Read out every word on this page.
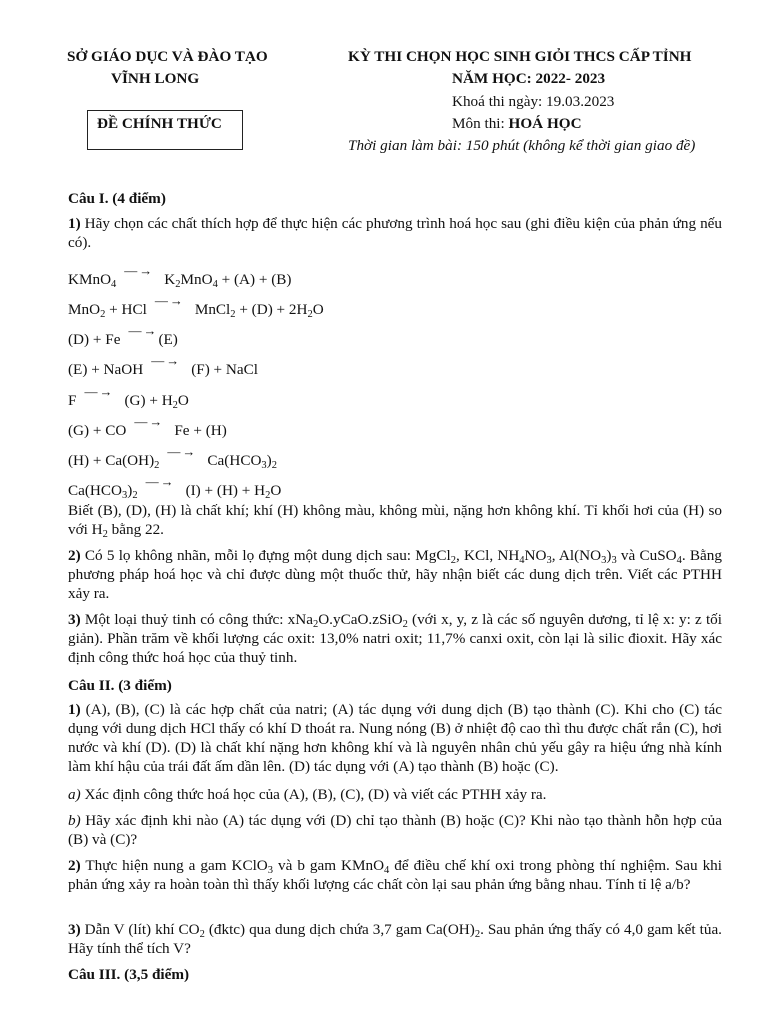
SỞ GIÁO DỤC VÀ ĐÀO TẠO
VĨNH LONG
ĐỀ CHÍNH THỨC
KỲ THI CHỌN HỌC SINH GIỎI THCS CẤP TỈNH
NĂM HỌC: 2022- 2023
Khoá thi ngày: 19.03.2023
Môn thi: HOÁ HỌC
Thời gian làm bài: 150 phút (không kể thời gian giao đề)
Câu I. (4 điểm)
1) Hãy chọn các chất thích hợp để thực hiện các phương trình hoá học sau (ghi điều kiện của phản ứng nếu có).
KMnO$_4$ —→	$K_2MnO_4 + (A) + (B)$
MnO$_2$ + HCl —→	MnCl$_2$ + $(D) + 2H_2O$
(D) + Fe —→	(E)
(E) + NaOH —→	(F) + NaCl
F —→	$(G) + H_2O$
(G) + CO —→	Fe + (H)
$(H) + Ca(OH)_2$ —→	$Ca(HCO_3)_2$
$Ca(HCO_3)_2$ —→	$(I) + (H) + H_2O$
Biết (B), (D), (H) là chất khí; khí (H) không màu, không mùi, nặng hơn không khí. Tỉ khối hơi của (H) so với $H_2$ bằng 22.
2) Có 5 lọ không nhãn, mỗi lọ đựng một dung dịch sau: MgCl$_2$, KCl, $NH_4NO_3$, $Al(NO_3)_3$ và CuSO$_4$. Bằng phương pháp hoá học và chỉ được dùng một thuốc thử, hãy nhận biết các dung dịch trên. Viết các PTHH xảy ra.
3) Một loại thuỷ tinh có công thức: xNa$_2$O.yCaO.zSiO$_2$ (với x, y, z là các số nguyên dương, tỉ lệ x: y: z tối giản). Phần trăm về khối lượng các oxit: 13,0% natri oxit; 11,7% canxi oxit, còn lại là silic đioxit. Hãy xác định công thức hoá học của thuỷ tinh.
Câu II. (3 điểm)
1) (A), (B), (C) là các hợp chất của natri; (A) tác dụng với dung dịch (B) tạo thành (C). Khi cho (C) tác dụng với dung dịch HCl thấy có khí D thoát ra. Nung nóng (B) ở nhiệt độ cao thì thu được chất rắn (C), hơi nước và khí (D). (D) là chất khí nặng hơn không khí và là nguyên nhân chủ yếu gây ra hiệu ứng nhà kính làm khí hậu của trái đất ấm dần lên. (D) tác dụng với (A) tạo thành (B) hoặc (C).
a) Xác định công thức hoá học của (A), (B), (C), (D) và viết các PTHH xảy ra.
b) Hãy xác định khi nào (A) tác dụng với (D) chỉ tạo thành (B) hoặc (C)? Khi nào tạo thành hỗn hợp của (B) và (C)?
2) Thực hiện nung a gam KClO$_3$ và b gam KMnO$_4$ để điều chế khí oxi trong phòng thí nghiệm. Sau khi phản ứng xảy ra hoàn toàn thì thấy khối lượng các chất còn lại sau phản ứng bằng nhau. Tính tỉ lệ a/b?
3) Dẫn V (lít) khí $CO_2$ (đktc) qua dung dịch chứa 3,7 gam $Ca(OH)_2$. Sau phản ứng thấy có 4,0 gam kết tủa. Hãy tính thể tích V?
Câu III. (3,5 điểm)
